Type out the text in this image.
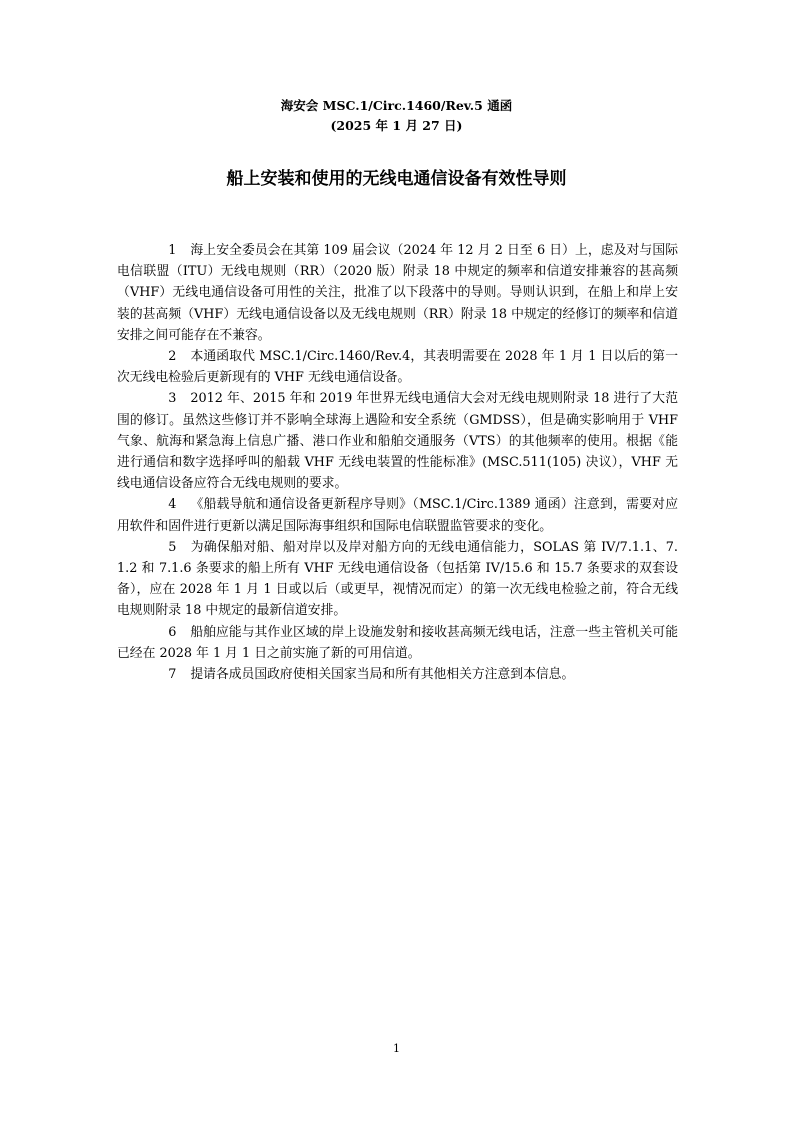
海安会 MSC.1/Circ.1460/Rev.5 通函
(2025 年 1 月 27 日)
船上安装和使用的无线电通信设备有效性导则

1 海上安全委员会在其第 109 届会议（2024 年 12 月 2 日至 6 日）上，虑及对与国际电信联盟（ITU）无线电规则（RR）（2020 版）附录 18 中规定的频率和信道安排兼容的甚高频（VHF）无线电通信设备可用性的关注，批准了以下段落中的导则。导则认识到，在船上和岸上安装的甚高频（VHF）无线电通信设备以及无线电规则（RR）附录 18 中规定的经修订的频率和信道安排之间可能存在不兼容。

2 本通函取代 MSC.1/Circ.1460/Rev.4，其表明需要在 2028 年 1 月 1 日以后的第一次无线电检验后更新现有的 VHF 无线电通信设备。

3 2012 年、2015 年和 2019 年世界无线电通信大会对无线电规则附录 18 进行了大范围的修订。虽然这些修订并不影响全球海上遇险和安全系统（GMDSS），但是确实影响用于 VHF 气象、航海和紧急海上信息广播、港口作业和船舶交通服务（VTS）的其他频率的使用。根据《能进行通信和数字选择呼叫的船载 VHF 无线电装置的性能标准》(MSC.511(105) 决议），VHF 无线电通信设备应符合无线电规则的要求。

4 《船载导航和通信设备更新程序导则》（MSC.1/Circ.1389 通函）注意到，需要对应用软件和固件进行更新以满足国际海事组织和国际电信联盟监管要求的变化。

5 为确保船对船、船对岸以及岸对船方向的无线电通信能力，SOLAS 第 IV/7.1.1、7.1.2 和 7.1.6 条要求的船上所有 VHF 无线电通信设备（包括第 IV/15.6 和 15.7 条要求的双套设备），应在 2028 年 1 月 1 日或以后（或更早，视情况而定）的第一次无线电检验之前，符合无线电规则附录 18 中规定的最新信道安排。

6 船舶应能与其作业区域的岸上设施发射和接收甚高频无线电话，注意一些主管机关可能已经在 2028 年 1 月 1 日之前实施了新的可用信道。

7 提请各成员国政府使相关国家当局和所有其他相关方注意到本信息。

1
